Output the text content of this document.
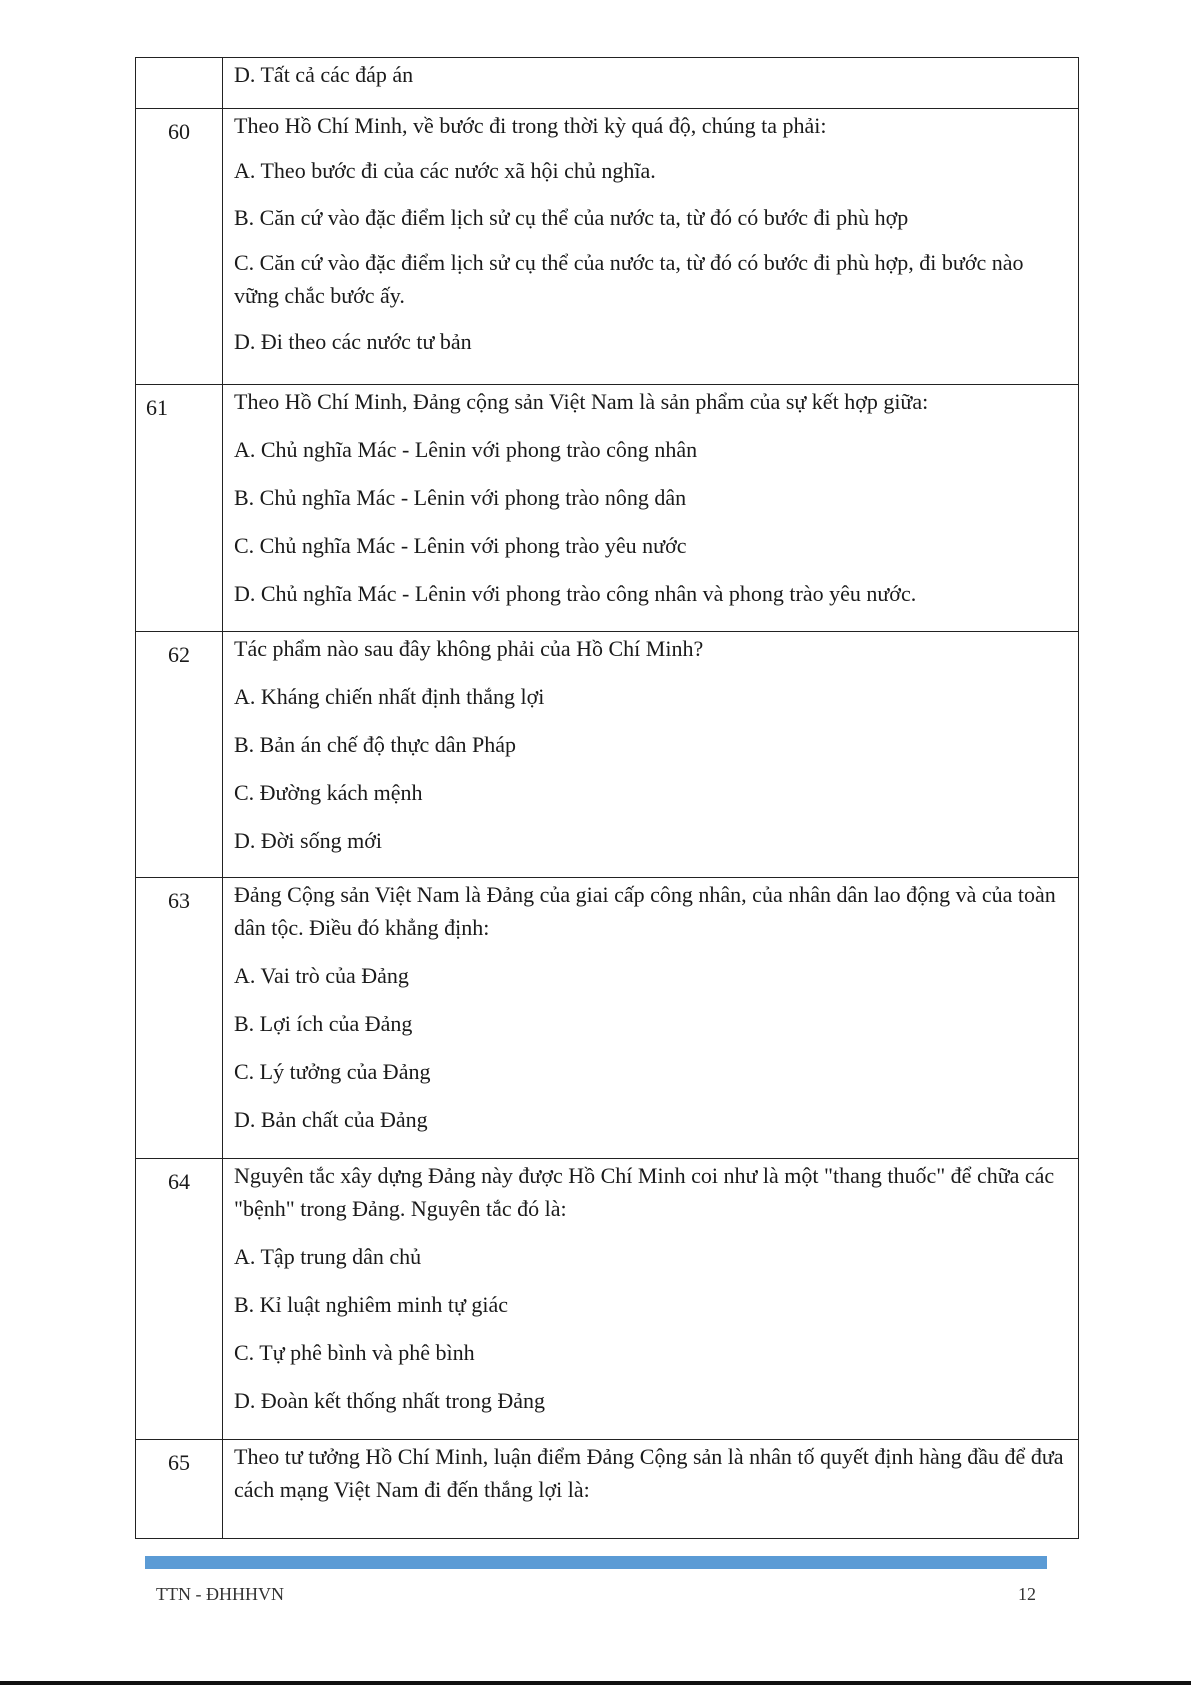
	D. Tất cả các đáp án

60	Theo Hồ Chí Minh, về bước đi trong thời kỳ quá độ, chúng ta phải:

A. Theo bước đi của các nước xã hội chủ nghĩa.

B. Căn cứ vào đặc điểm lịch sử cụ thể của nước ta, từ đó có bước đi phù hợp

C. Căn cứ vào đặc điểm lịch sử cụ thể của nước ta, từ đó có bước đi phù hợp, đi bước nào vững chắc bước ấy.

D. Đi theo các nước tư bản

61	Theo Hồ Chí Minh, Đảng cộng sản Việt Nam là sản phẩm của sự kết hợp giữa:

A. Chủ nghĩa Mác - Lênin với phong trào công nhân

B. Chủ nghĩa Mác - Lênin với phong trào nông dân

C. Chủ nghĩa Mác - Lênin với phong trào yêu nước

D. Chủ nghĩa Mác - Lênin với phong trào công nhân và phong trào yêu nước.

62	Tác phẩm nào sau đây không phải của Hồ Chí Minh?

A. Kháng chiến nhất định thắng lợi

B. Bản án chế độ thực dân Pháp

C. Đường kách mệnh

D. Đời sống mới

63	Đảng Cộng sản Việt Nam là Đảng của giai cấp công nhân, của nhân dân lao động và của toàn dân tộc. Điều đó khẳng định:

A. Vai trò của Đảng

B. Lợi ích của Đảng

C. Lý tưởng của Đảng

D. Bản chất của Đảng

64	Nguyên tắc xây dựng Đảng này được Hồ Chí Minh coi như là một "thang thuốc" để chữa các "bệnh" trong Đảng. Nguyên tắc đó là:

A. Tập trung dân chủ

B. Kỉ luật nghiêm minh tự giác

C. Tự phê bình và phê bình

D. Đoàn kết thống nhất trong Đảng

65	Theo tư tưởng Hồ Chí Minh, luận điểm Đảng Cộng sản là nhân tố quyết định hàng đầu để đưa cách mạng Việt Nam đi đến thắng lợi là:

TTN - ĐHHHVN	12
